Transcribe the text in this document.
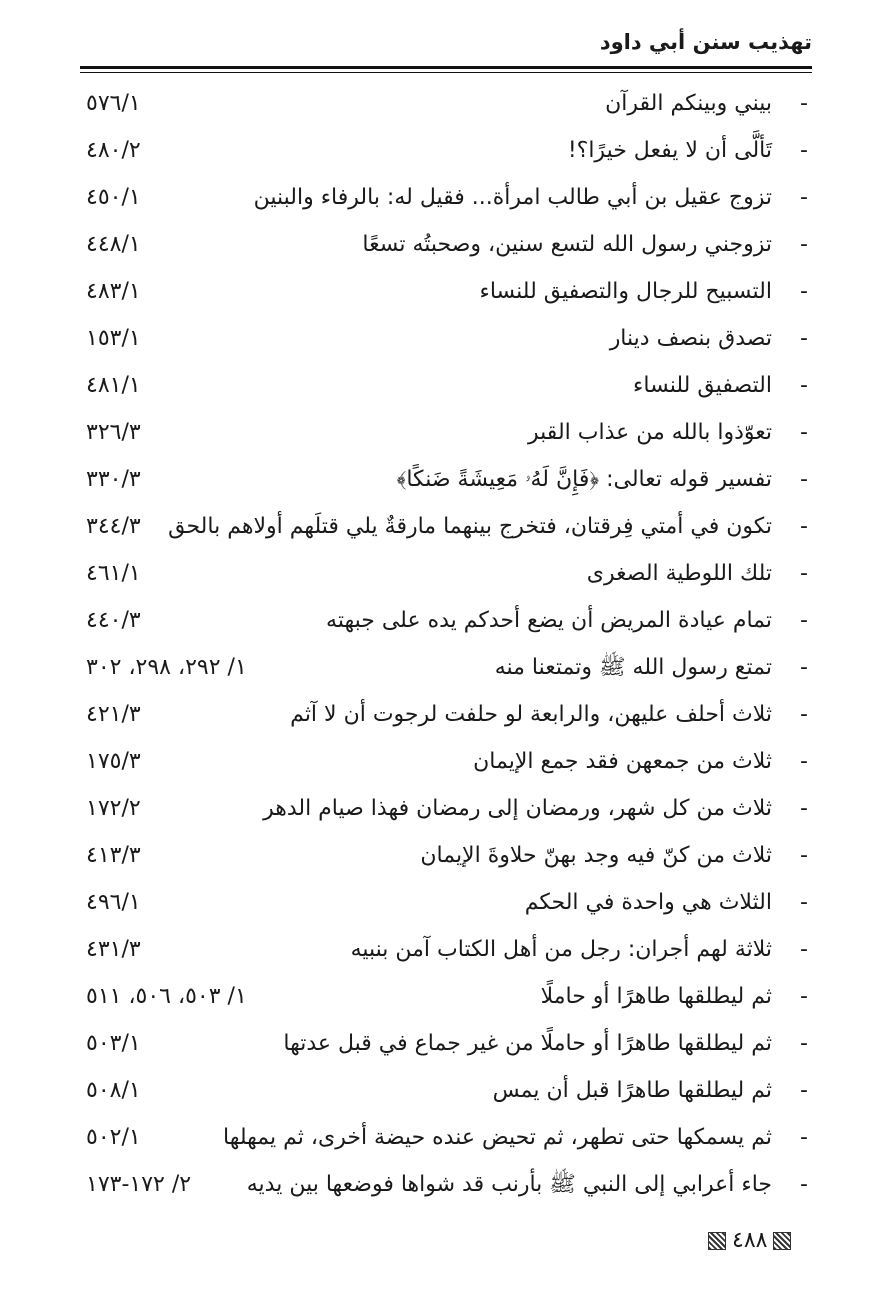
تهذيب سنن أبي داود
-
بيني وبينكم القرآن
٥٧٦/١
-
تَألَّى أن لا يفعل خيرًا؟!
٤٨٠/٢
-
تزوج عقيل بن أبي طالب امرأة... فقيل له: بالرفاء والبنين
٤٥٠/١
-
تزوجني رسول الله لتسع سنين، وصحبتُه تسعًا
٤٤٨/١
-
التسبيح للرجال والتصفيق للنساء
٤٨٣/١
-
تصدق بنصف دينار
١٥٣/١
-
التصفيق للنساء
٤٨١/١
-
تعوّذوا بالله من عذاب القبر
٣٢٦/٣
-
تفسير قوله تعالى: ﴿فَإِنَّ لَهُۥ مَعِيشَةً ضَنكًا﴾
٣٣٠/٣
-
تكون في أمتي فِرقتان، فتخرج بينهما مارقةٌ يلي قتلَهم أولاهم بالحق
٣٤٤/٣
-
تلك اللوطية الصغرى
٤٦١/١
-
تمام عيادة المريض أن يضع أحدكم يده على جبهته
٤٤٠/٣
-
تمتع رسول الله ﷺ وتمتعنا منه
١/ ٢٩٢، ٢٩٨، ٣٠٢
-
ثلاث أحلف عليهن، والرابعة لو حلفت لرجوت أن لا آثم
٤٢١/٣
-
ثلاث من جمعهن فقد جمع الإيمان
١٧٥/٣
-
ثلاث من كل شهر، ورمضان إلى رمضان فهذا صيام الدهر
١٧٢/٢
-
ثلاث من كنّ فيه وجد بهنّ حلاوةَ الإيمان
٤١٣/٣
-
الثلاث هي واحدة في الحكم
٤٩٦/١
-
ثلاثة لهم أجران: رجل من أهل الكتاب آمن بنبيه
٤٣١/٣
-
ثم ليطلقها طاهرًا أو حاملًا
١/ ٥٠٣، ٥٠٦، ٥١١
-
ثم ليطلقها طاهرًا أو حاملًا من غير جماع في قبل عدتها
٥٠٣/١
-
ثم ليطلقها طاهرًا قبل أن يمس
٥٠٨/١
-
ثم يسمكها حتى تطهر، ثم تحيض عنده حيضة أخرى، ثم يمهلها
٥٠٢/١
-
جاء أعرابي إلى النبي ﷺ بأرنب قد شواها فوضعها بين يديه
٢/ ١٧٢-١٧٣
٤٨٨
